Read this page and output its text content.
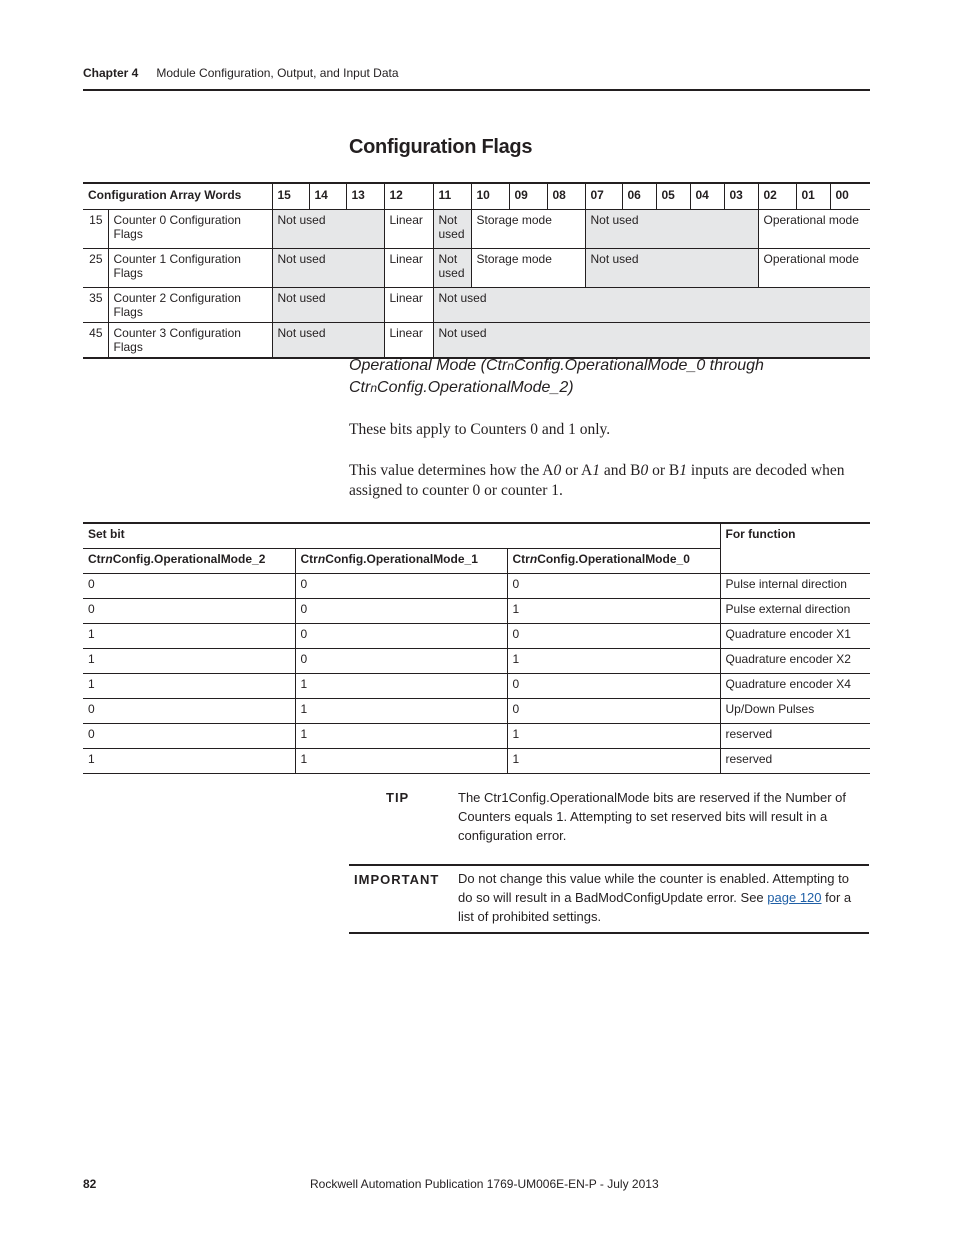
Chapter 4 Module Configuration, Output, and Input Data
Configuration Flags
Configuration Array Words		15	14	13	12	11	10	09	08	07	06	05	04	03	02	01	00
15	Counter 0 Configuration Flags	Not used			Linear	Not used	Storage mode			Not used					Operational mode		
25	Counter 1 Configuration Flags	Not used			Linear	Not used	Storage mode			Not used					Operational mode		
35	Counter 2 Configuration Flags	Not used			Linear	Not used											
45	Counter 3 Configuration Flags	Not used			Linear	Not used											
Operational Mode (CtrnConfig.OperationalMode_0 through
CtrnConfig.OperationalMode_2)

These bits apply to Counters 0 and 1 only.

This value determines how the A0 or A1 and B0 or B1 inputs are decoded when assigned to counter 0 or counter 1.

Set bit			For function
CtrnConfig.OperationalMode_2	CtrnConfig.OperationalMode_1	CtrnConfig.OperationalMode_0	
0	0	0	Pulse internal direction
0	0	1	Pulse external direction
1	0	0	Quadrature encoder X1
1	0	1	Quadrature encoder X2
1	1	0	Quadrature encoder X4
0	1	0	Up/Down Pulses
0	1	1	reserved
1	1	1	reserved
TIP	The Ctr1Config.OperationalMode bits are reserved if the Number of Counters equals 1. Attempting to set reserved bits will result in a configuration error.
IMPORTANT Do not change this value while the counter is enabled. Attempting to do so will result in a BadModConfigUpdate error. See page 120 for a list of prohibited settings.
82	Rockwell Automation Publication 1769-UM006E-EN-P - July 2013
